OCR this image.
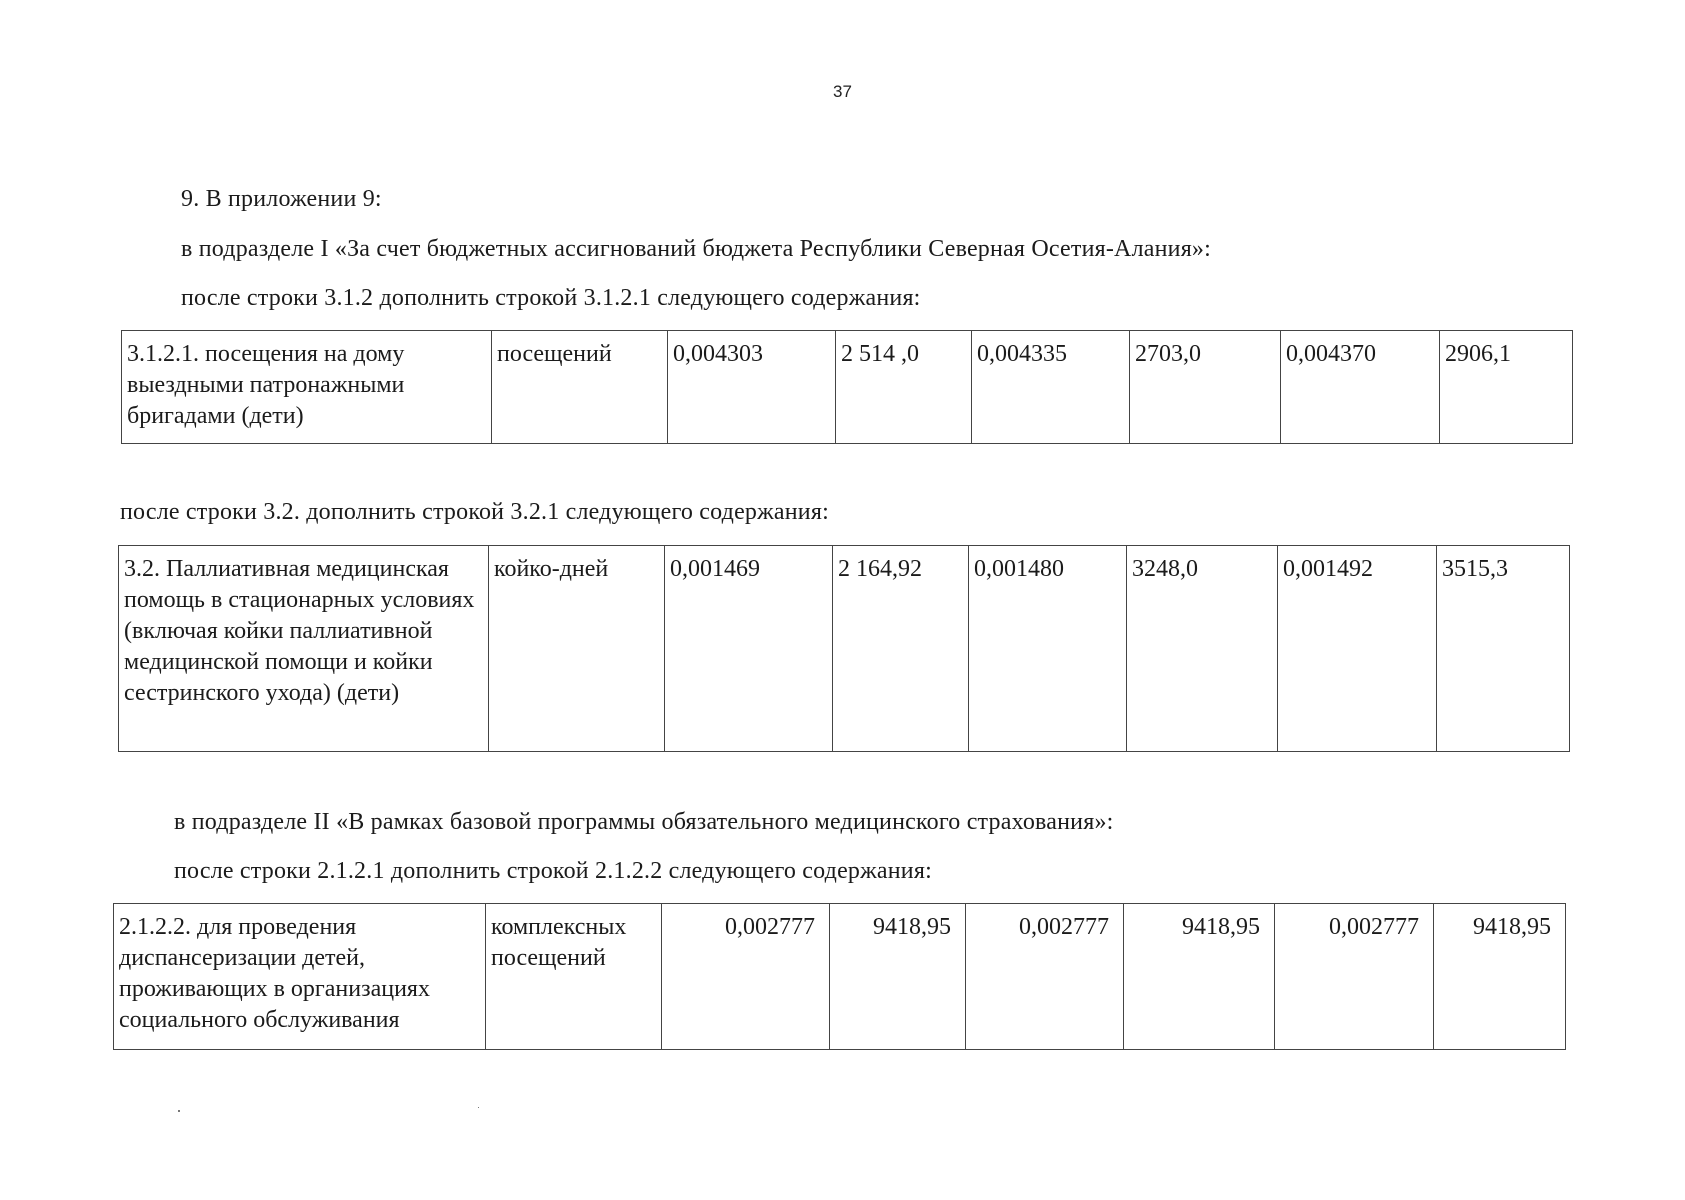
37
9. В приложении 9:
в подразделе I «За счет бюджетных ассигнований бюджета Республики Северная Осетия-Алания»:
после строки 3.1.2 дополнить строкой 3.1.2.1 следующего содержания:
3.1.2.1. посещения на дому выездными патронажными бригадами (дети)	посещений	0,004303	2 514 ,0	0,004335	2703,0	0,004370	2906,1
после строки 3.2. дополнить строкой 3.2.1 следующего содержания:
3.2. Паллиативная медицинская помощь в стационарных условиях (включая койки паллиативной медицинской помощи и койки сестринского ухода) (дети)	койко-дней	0,001469	2 164,92	0,001480	3248,0	0,001492	3515,3
в подразделе II «В рамках базовой программы обязательного медицинского страхования»:
после строки 2.1.2.1 дополнить строкой 2.1.2.2 следующего содержания:
2.1.2.2. для проведения диспансеризации детей, проживающих в организациях социального обслуживания	комплексных посещений	0,002777	9418,95	0,002777	9418,95	0,002777	9418,95
